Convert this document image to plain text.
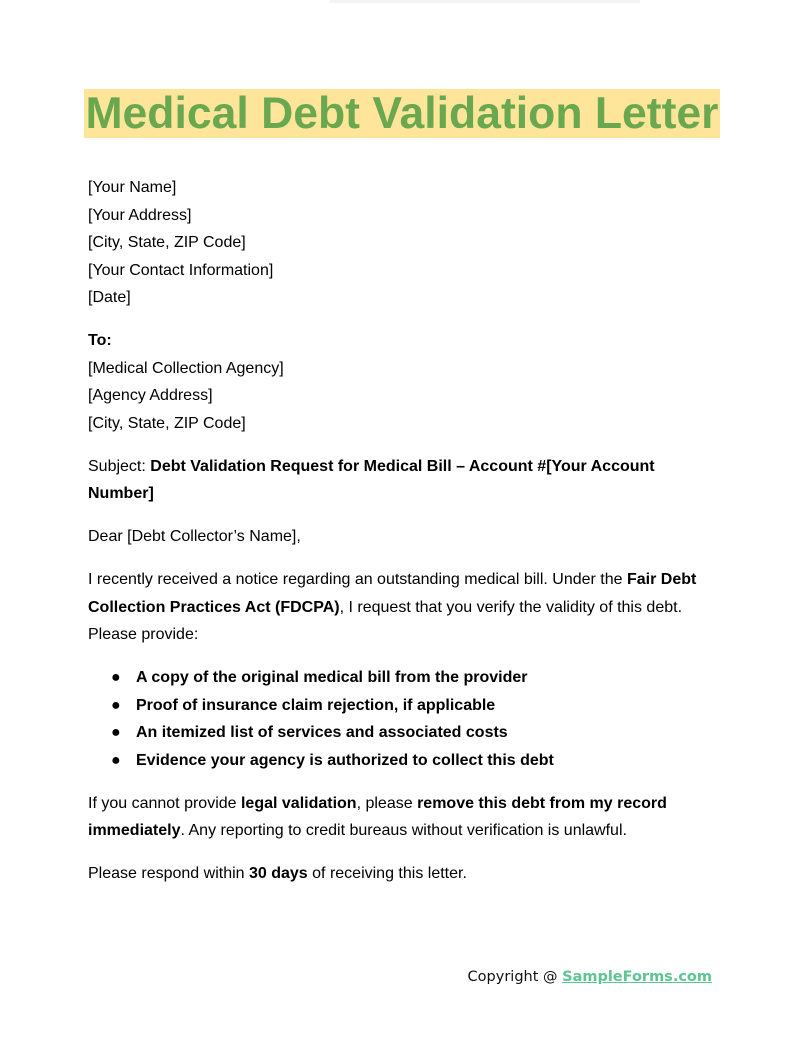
Medical Debt Validation Letter

[Your Name]
[Your Address]
[City, State, ZIP Code]
[Your Contact Information]
[Date]

To:
[Medical Collection Agency]
[Agency Address]
[City, State, ZIP Code]

Subject: Debt Validation Request for Medical Bill – Account #[Your Account Number]

Dear [Debt Collector’s Name],

I recently received a notice regarding an outstanding medical bill. Under the Fair Debt Collection Practices Act (FDCPA), I request that you verify the validity of this debt. Please provide:

● A copy of the original medical bill from the provider
● Proof of insurance claim rejection, if applicable
● An itemized list of services and associated costs
● Evidence your agency is authorized to collect this debt

If you cannot provide legal validation, please remove this debt from my record immediately. Any reporting to credit bureaus without verification is unlawful.

Please respond within 30 days of receiving this letter.

Copyright @ SampleForms.com
